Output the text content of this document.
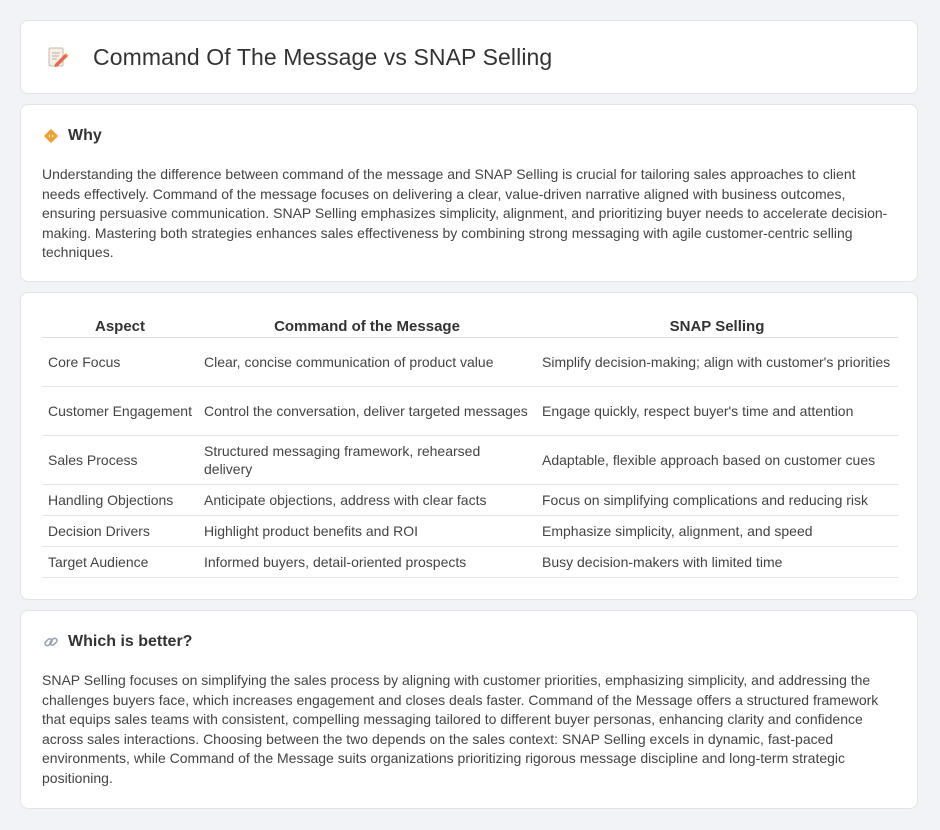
Command Of The Message vs SNAP Selling
Why

Understanding the difference between command of the message and SNAP Selling is crucial for tailoring sales approaches to client needs effectively. Command of the message focuses on delivering a clear, value-driven narrative aligned with business outcomes, ensuring persuasive communication. SNAP Selling emphasizes simplicity, alignment, and prioritizing buyer needs to accelerate decision-making. Mastering both strategies enhances sales effectiveness by combining strong messaging with agile customer-centric selling techniques.

Aspect	Command of the Message	SNAP Selling
Core Focus	Clear, concise communication of product value	Simplify decision-making; align with customer's priorities
Customer Engagement	Control the conversation, deliver targeted messages	Engage quickly, respect buyer's time and attention
Sales Process	Structured messaging framework, rehearsed delivery	Adaptable, flexible approach based on customer cues
Handling Objections	Anticipate objections, address with clear facts	Focus on simplifying complications and reducing risk
Decision Drivers	Highlight product benefits and ROI	Emphasize simplicity, alignment, and speed
Target Audience	Informed buyers, detail-oriented prospects	Busy decision-makers with limited time
Which is better?

SNAP Selling focuses on simplifying the sales process by aligning with customer priorities, emphasizing simplicity, and addressing the challenges buyers face, which increases engagement and closes deals faster. Command of the Message offers a structured framework that equips sales teams with consistent, compelling messaging tailored to different buyer personas, enhancing clarity and confidence across sales interactions. Choosing between the two depends on the sales context: SNAP Selling excels in dynamic, fast-paced environments, while Command of the Message suits organizations prioritizing rigorous message discipline and long-term strategic positioning.
